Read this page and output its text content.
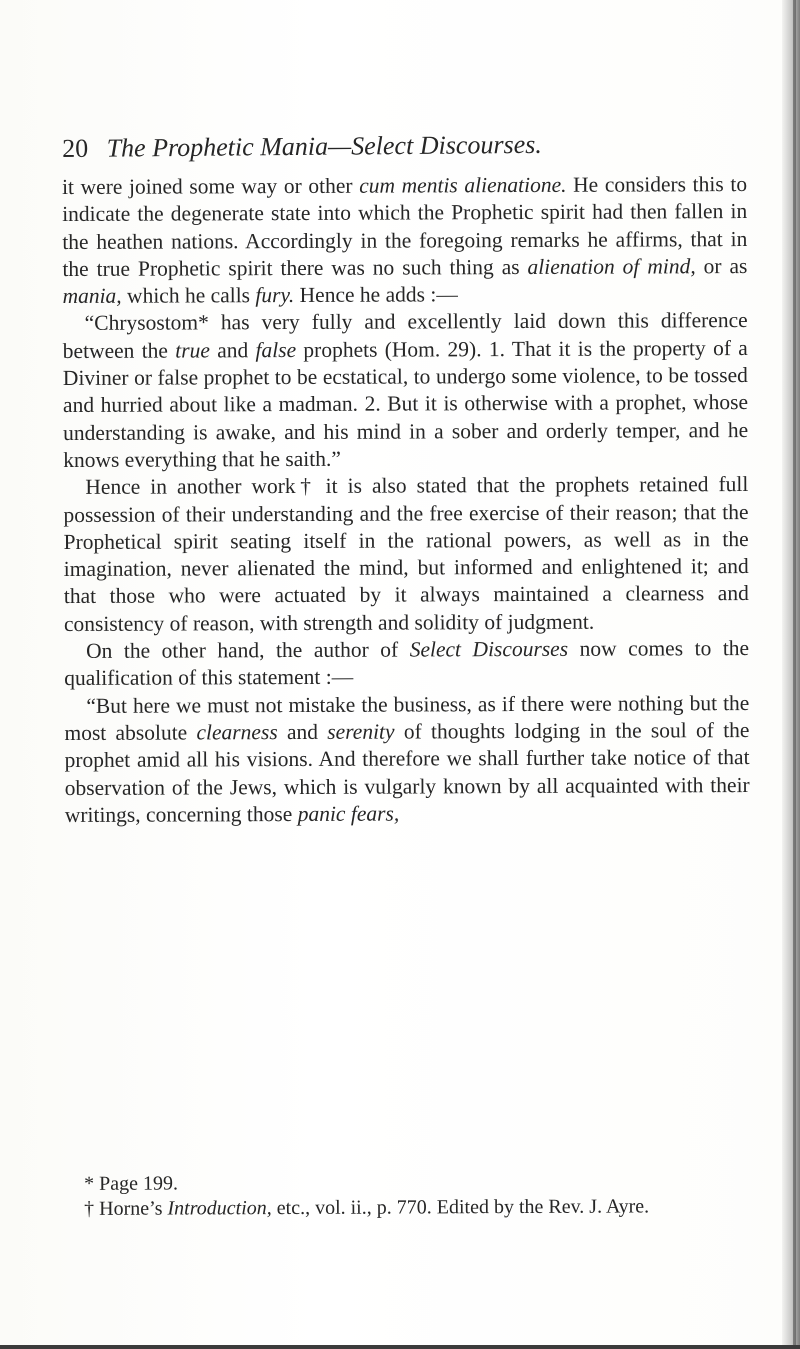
20 The Prophetic Mania—Select Discourses.

it were joined some way or other cum mentis alienatione. He considers this to indicate the degenerate state into which the Prophetic spirit had then fallen in the heathen nations. Accordingly in the foregoing remarks he affirms, that in the true Prophetic spirit there was no such thing as alienation of mind, or as mania, which he calls fury. Hence he adds :—

“Chrysostom* has very fully and excellently laid down this difference between the true and false prophets (Hom. 29). 1. That it is the property of a Diviner or false prophet to be ecstatical, to undergo some violence, to be tossed and hurried about like a madman. 2. But it is otherwise with a prophet, whose understanding is awake, and his mind in a sober and orderly temper, and he knows everything that he saith.”

Hence in another work† it is also stated that the prophets retained full possession of their understanding and the free exercise of their reason; that the Prophetical spirit seating itself in the rational powers, as well as in the imagination, never alienated the mind, but informed and enlightened it; and that those who were actuated by it always maintained a clearness and consistency of reason, with strength and solidity of judgment.

On the other hand, the author of Select Discourses now comes to the qualification of this statement :—

“But here we must not mistake the business, as if there were nothing but the most absolute clearness and serenity of thoughts lodging in the soul of the prophet amid all his visions. And therefore we shall further take notice of that observation of the Jews, which is vulgarly known by all acquainted with their writings, concerning those panic fears,

* Page 199.

† Horne’s Introduction, etc., vol. ii., p. 770. Edited by the Rev. J. Ayre.
